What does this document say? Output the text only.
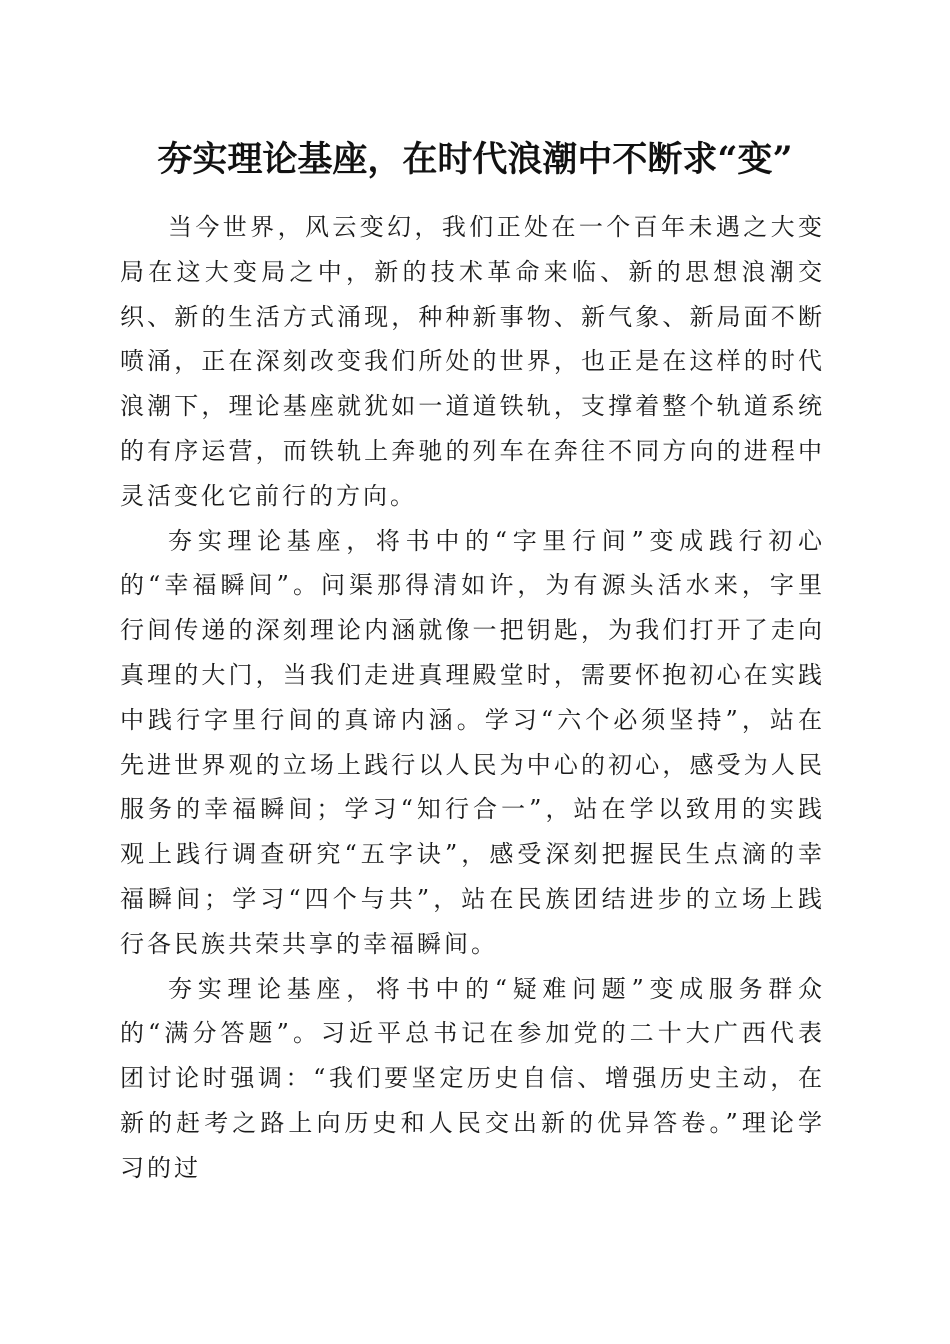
夯实理论基座，在时代浪潮中不断求“变”

当今世界，风云变幻，我们正处在一个百年未遇之大变局在这大变局之中，新的技术革命来临、新的思想浪潮交织、新的生活方式涌现，种种新事物、新气象、新局面不断喷涌，正在深刻改变我们所处的世界，也正是在这样的时代浪潮下，理论基座就犹如一道道铁轨，支撑着整个轨道系统的有序运营，而铁轨上奔驰的列车在奔往不同方向的进程中灵活变化它前行的方向。

夯实理论基座，将书中的“字里行间”变成践行初心的“幸福瞬间”。问渠那得清如许，为有源头活水来，字里行间传递的深刻理论内涵就像一把钥匙，为我们打开了走向真理的大门，当我们走进真理殿堂时，需要怀抱初心在实践中践行字里行间的真谛内涵。学习“六个必须坚持”，站在先进世界观的立场上践行以人民为中心的初心，感受为人民服务的幸福瞬间；学习“知行合一”，站在学以致用的实践观上践行调查研究“五字诀”，感受深刻把握民生点滴的幸福瞬间；学习“四个与共”，站在民族团结进步的立场上践行各民族共荣共享的幸福瞬间。

夯实理论基座，将书中的“疑难问题”变成服务群众的“满分答题”。习近平总书记在参加党的二十大广西代表团讨论时强调：“我们要坚定历史自信、增强历史主动，在新的赶考之路上向历史和人民交出新的优异答卷。”理论学习的过
